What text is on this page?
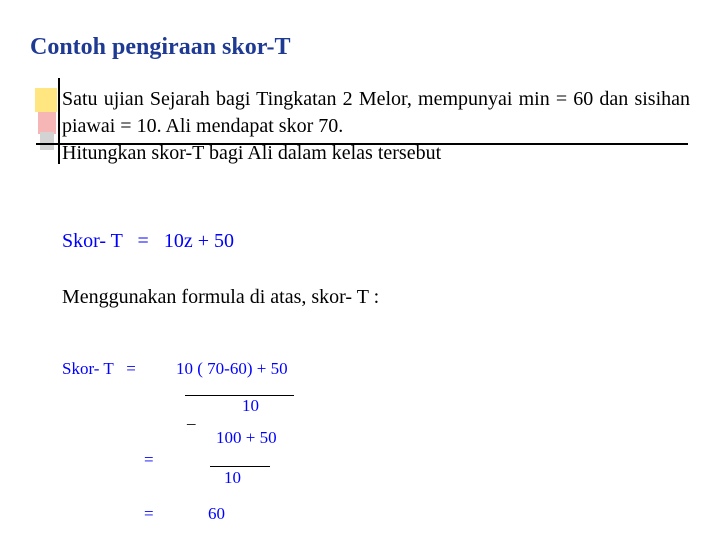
Contoh pengiraan skor-T
Satu ujian Sejarah bagi Tingkatan 2 Melor, mempunyai min = 60 dan sisihan piawai = 10. Ali mendapat skor 70.
Hitungkan skor-T bagi Ali dalam kelas tersebut
Skor- T   =   10z + 50
Menggunakan formula di atas, skor- T :
Skor- T   = 10 ( 70-60) + 50
_
10
100 + 50
=
10
=	60
